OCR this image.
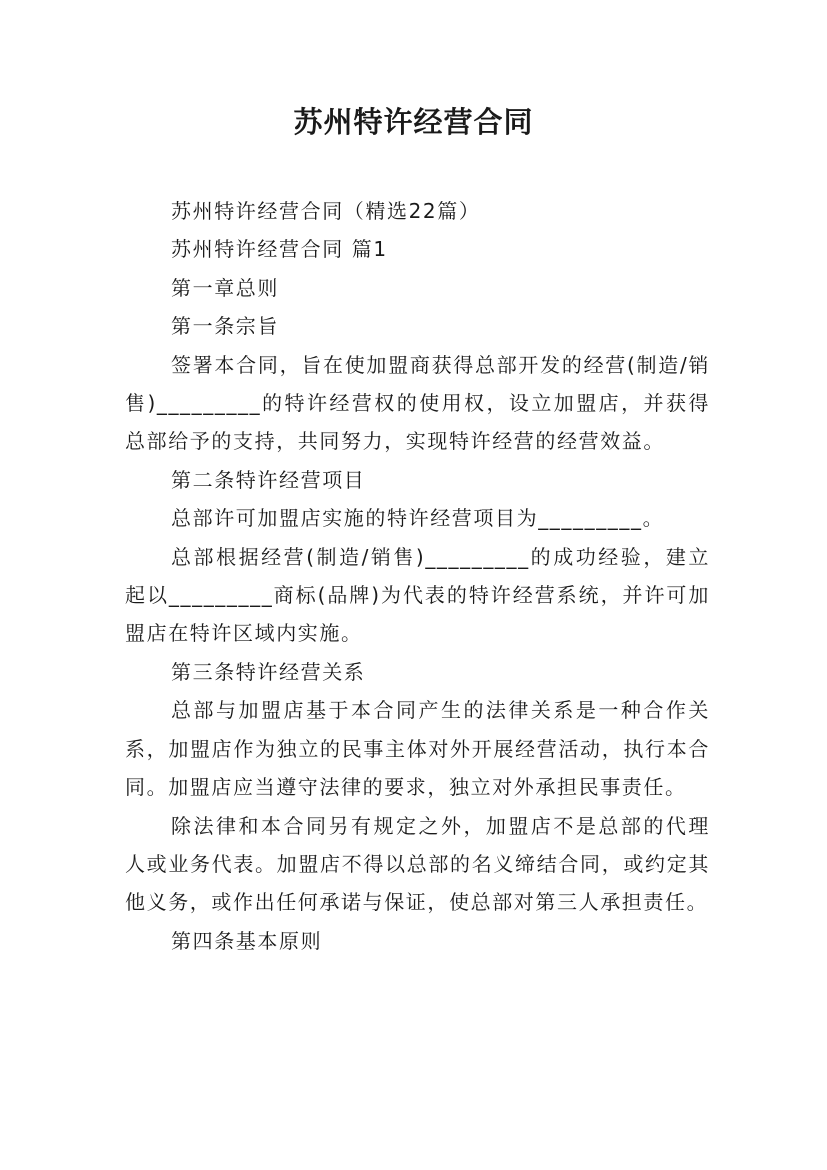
苏州特许经营合同

苏州特许经营合同（精选22篇）

苏州特许经营合同 篇1

第一章总则

第一条宗旨

签署本合同，旨在使加盟商获得总部开发的经营(制造/销售)_________的特许经营权的使用权，设立加盟店，并获得总部给予的支持，共同努力，实现特许经营的经营效益。

第二条特许经营项目

总部许可加盟店实施的特许经营项目为_________。

总部根据经营(制造/销售)_________的成功经验，建立起以_________商标(品牌)为代表的特许经营系统，并许可加盟店在特许区域内实施。

第三条特许经营关系

总部与加盟店基于本合同产生的法律关系是一种合作关系，加盟店作为独立的民事主体对外开展经营活动，执行本合同。加盟店应当遵守法律的要求，独立对外承担民事责任。

除法律和本合同另有规定之外，加盟店不是总部的代理人或业务代表。加盟店不得以总部的名义缔结合同，或约定其他义务，或作出任何承诺与保证，使总部对第三人承担责任。

第四条基本原则
